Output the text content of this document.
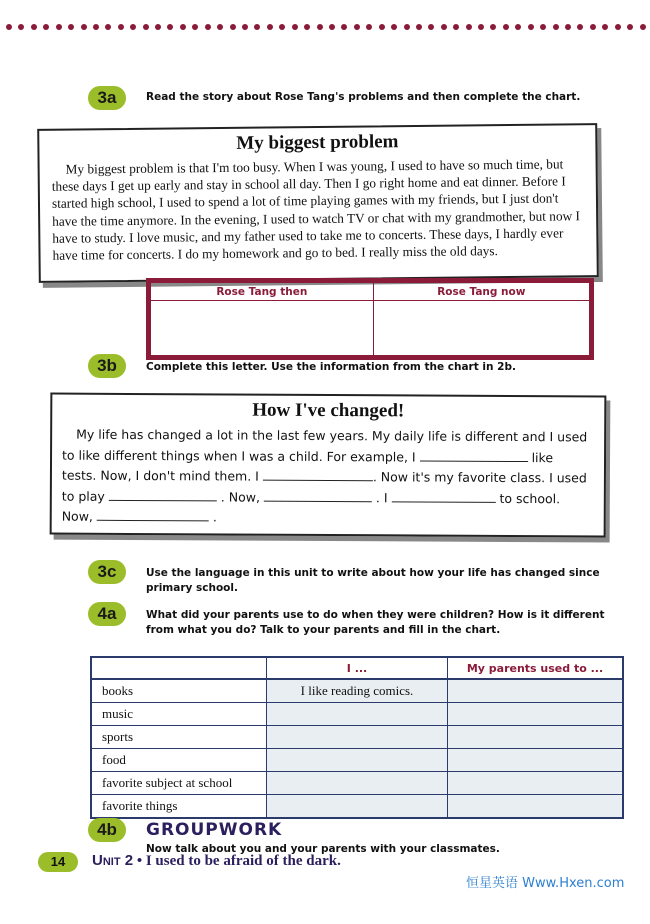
3a	Read the story about Rose Tang's problems and then complete the chart.
My biggest problem

My biggest problem is that I'm too busy. When I was young, I used to have so much time, but these days I get up early and stay in school all day. Then I go right home and eat dinner. Before I started high school, I used to spend a lot of time playing games with my friends, but I just don't have the time anymore. In the evening, I used to watch TV or chat with my grandmother, but now I have to study. I love music, and my father used to take me to concerts. These days, I hardly ever have time for concerts. I do my homework and go to bed. I really miss the old days.

Rose Tang then	Rose Tang now

3b	Complete this letter. Use the information from the chart in 2b.
How I've changed!

My life has changed a lot in the last few years. My daily life is different and I used to like different things when I was a child. For example, I	like tests. Now, I don't mind them. I	. Now it's my favorite class. I used to play	. Now,	. I	to school. Now,	.

3c	Use the language in this unit to write about how your life has changed since primary school.
4a	What did your parents use to do when they were children? How is it different from what you do? Talk to your parents and fill in the chart.
	I ...	My parents used to ...
books	I like reading comics.	
music		
sports		
food		
favorite subject at school		
favorite things		
4b	GROUPWORK
Now talk about you and your parents with your classmates.
14	Unit 2 • I used to be afraid of the dark.
恒星英语 Www.Hxen.com
